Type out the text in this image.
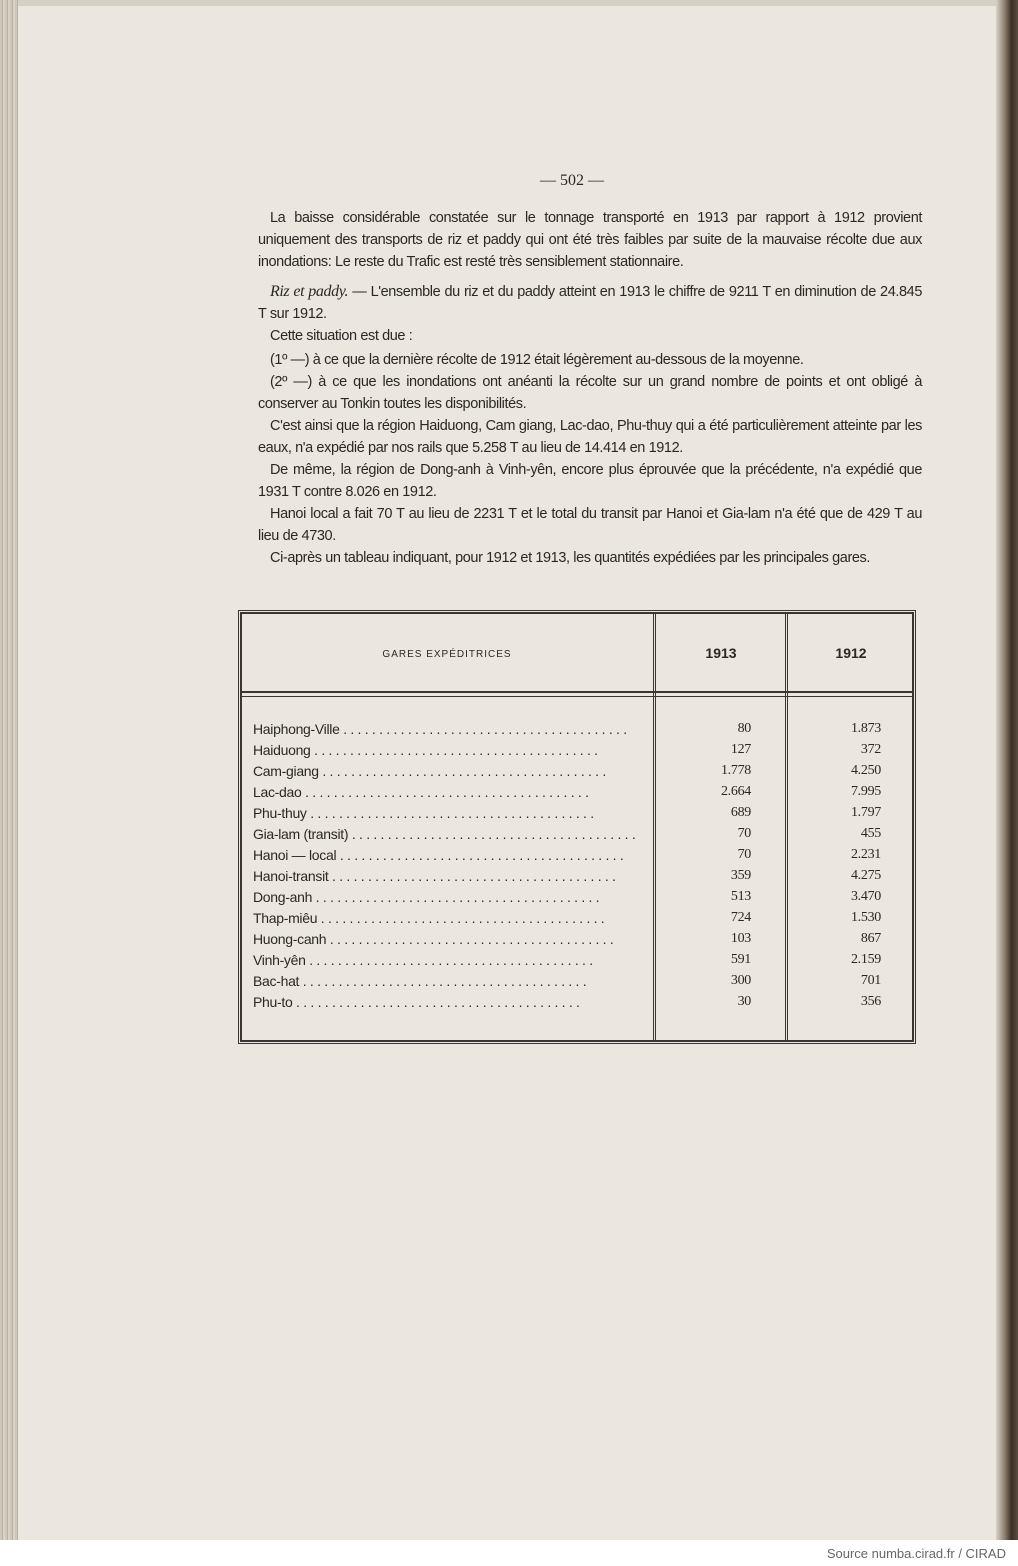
— 502 —

La baisse considérable constatée sur le tonnage transporté en 1913 par rapport à 1912 provient uniquement des transports de riz et paddy qui ont été très faibles par suite de la mauvaise récolte due aux inondations: Le reste du Trafic est resté très sensiblement stationnaire.

Riz et paddy. — L'ensemble du riz et du paddy atteint en 1913 le chiffre de 9211 T en diminution de 24.845 T sur 1912.

Cette situation est due :

(1º —) à ce que la dernière récolte de 1912 était légèrement au-dessous de la moyenne.

(2º —) à ce que les inondations ont anéanti la récolte sur un grand nombre de points et ont obligé à conserver au Tonkin toutes les disponibilités.

C'est ainsi que la région Haiduong, Cam giang, Lac-dao, Phu-thuy qui a été particulièrement atteinte par les eaux, n'a expédié par nos rails que 5.258 T au lieu de 14.414 en 1912.

De même, la région de Dong-anh à Vinh-yên, encore plus éprouvée que la précédente, n'a expédié que 1931 T contre 8.026 en 1912.

Hanoi local a fait 70 T au lieu de 2231 T et le total du transit par Hanoi et Gia-lam n'a été que de 429 T au lieu de 4730.

Ci-après un tableau indiquant, pour 1912 et 1913, les quantités expédiées par les principales gares.

GARES EXPÉDITRICES	1913	1912
Haiphong-Ville . . .	80	1.873
Haiduong . . .	127	372
Cam-giang . . .	1.778	4.250
Lac-dao . . .	2.664	7.995
Phu-thuy . . .	689	1.797
Gia-lam (transit) . . .	70	455
Hanoi — local . . .	70	2.231
Hanoi-transit . . .	359	4.275
Dong-anh . . .	513	3.470
Thap-miêu . . .	724	1.530
Huong-canh . . .	103	867
Vinh-yên . . .	591	2.159
Bac-hat . . .	300	701
Phu-to . . .	30	356
Source numba.cirad.fr / CIRAD
